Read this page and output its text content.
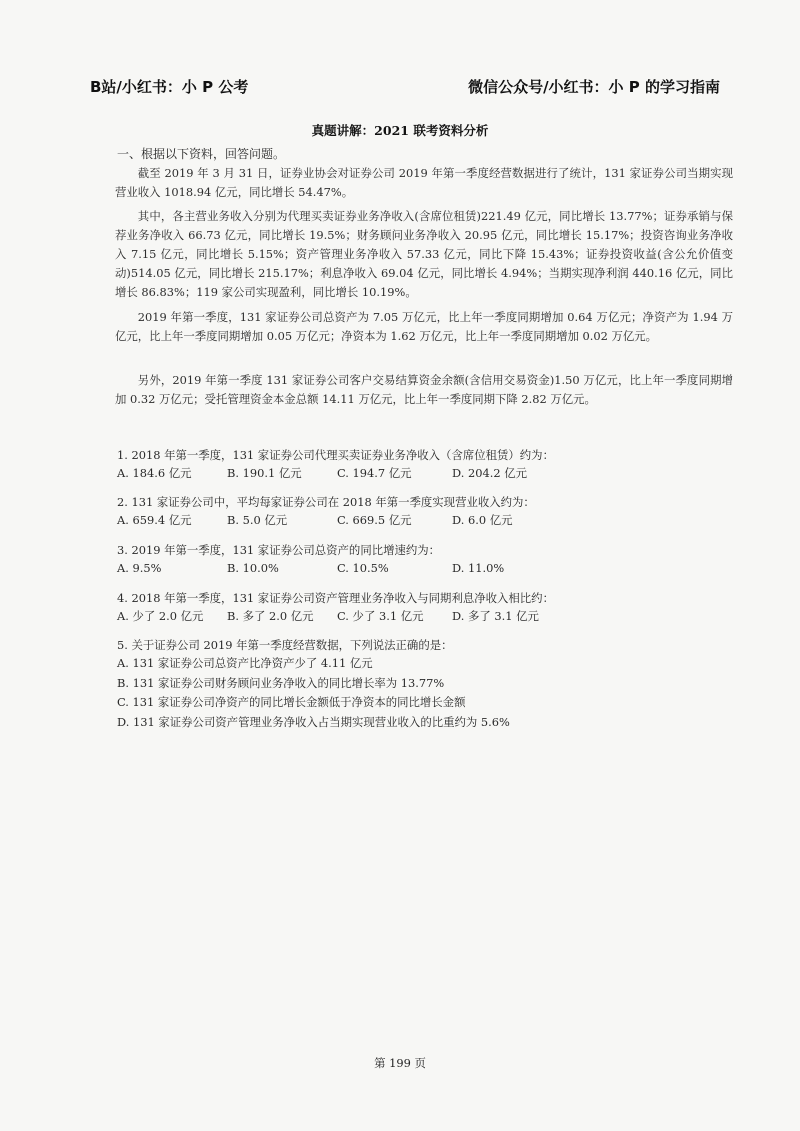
B站/小红书：小 P 公考	微信公众号/小红书：小 P 的学习指南
真题讲解：2021 联考资料分析
一、根据以下资料，回答问题。

截至 2019 年 3 月 31 日，证券业协会对证券公司 2019 年第一季度经营数据进行了统计，131 家证券公司当期实现营业收入 1018.94 亿元，同比增长 54.47%。

其中，各主营业务收入分别为代理买卖证券业务净收入(含席位租赁)221.49 亿元，同比增长 13.77%；证券承销与保荐业务净收入 66.73 亿元，同比增长 19.5%；财务顾问业务净收入 20.95 亿元，同比增长 15.17%；投资咨询业务净收入 7.15 亿元，同比增长 5.15%；资产管理业务净收入 57.33 亿元，同比下降 15.43%；证券投资收益(含公允价值变动)514.05 亿元，同比增长 215.17%；利息净收入 69.04 亿元，同比增长 4.94%；当期实现净利润 440.16 亿元，同比增长 86.83%；119 家公司实现盈利，同比增长 10.19%。

2019 年第一季度，131 家证券公司总资产为 7.05 万亿元，比上年一季度同期增加 0.64 万亿元；净资产为 1.94 万亿元，比上年一季度同期增加 0.05 万亿元；净资本为 1.62 万亿元，比上年一季度同期增加 0.02 万亿元。

另外，2019 年第一季度 131 家证券公司客户交易结算资金余额(含信用交易资金)1.50 万亿元，比上年一季度同期增加 0.32 万亿元；受托管理资金本金总额 14.11 万亿元，比上年一季度同期下降 2.82 万亿元。

1. 2018 年第一季度，131 家证券公司代理买卖证券业务净收入（含席位租赁）约为：

A. 184.6 亿元	B. 190.1 亿元	C. 194.7 亿元	D. 204.2 亿元

2. 131 家证券公司中，平均每家证券公司在 2018 年第一季度实现营业收入约为：

A. 659.4 亿元	B. 5.0 亿元	C. 669.5 亿元	D. 6.0 亿元

3. 2019 年第一季度，131 家证券公司总资产的同比增速约为：

A. 9.5%	B. 10.0%	C. 10.5%	D. 11.0%

4. 2018 年第一季度，131 家证券公司资产管理业务净收入与同期利息净收入相比约：

A. 少了 2.0 亿元	B. 多了 2.0 亿元	C. 少了 3.1 亿元	D. 多了 3.1 亿元

5. 关于证券公司 2019 年第一季度经营数据，下列说法正确的是：

A. 131 家证券公司总资产比净资产少了 4.11 亿元

B. 131 家证券公司财务顾问业务净收入的同比增长率为 13.77%

C. 131 家证券公司净资产的同比增长金额低于净资本的同比增长金额

D. 131 家证券公司资产管理业务净收入占当期实现营业收入的比重约为 5.6%

第 199 页
